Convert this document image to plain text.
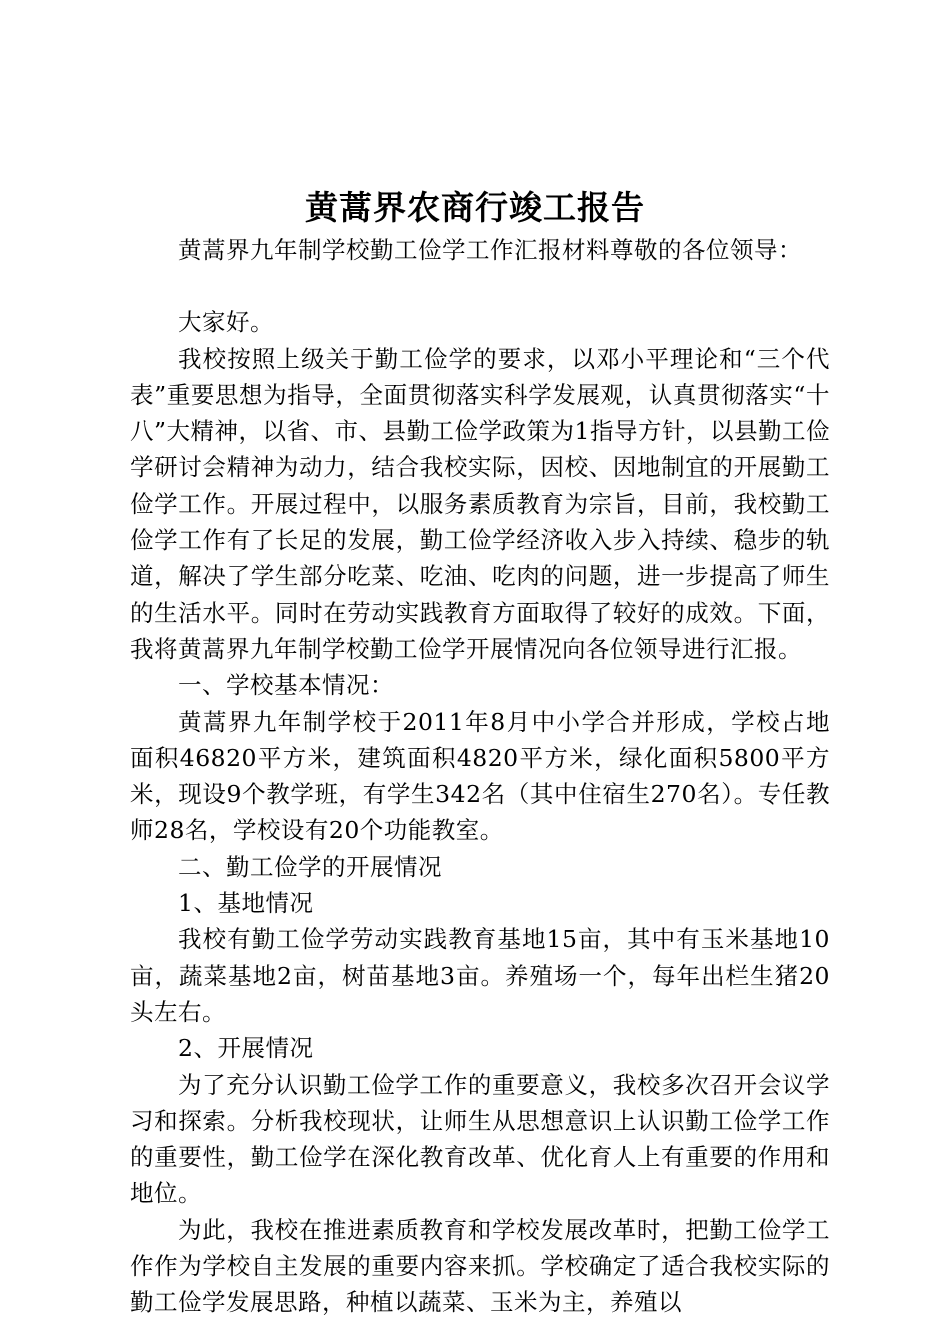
黄蒿界农商行竣工报告

黄蒿界九年制学校勤工俭学工作汇报材料尊敬的各位领导：

大家好。

我校按照上级关于勤工俭学的要求，以邓小平理论和“三个代表”重要思想为指导，全面贯彻落实科学发展观，认真贯彻落实“十八”大精神，以省、市、县勤工俭学政策为1指导方针，以县勤工俭学研讨会精神为动力，结合我校实际，因校、因地制宜的开展勤工俭学工作。开展过程中，以服务素质教育为宗旨，目前，我校勤工俭学工作有了长足的发展，勤工俭学经济收入步入持续、稳步的轨道，解决了学生部分吃菜、吃油、吃肉的问题，进一步提高了师生的生活水平。同时在劳动实践教育方面取得了较好的成效。下面，我将黄蒿界九年制学校勤工俭学开展情况向各位领导进行汇报。

一、学校基本情况：

黄蒿界九年制学校于2011年8月中小学合并形成，学校占地面积46820平方米，建筑面积4820平方米，绿化面积5800平方米，现设9个教学班，有学生342名（其中住宿生270名）。专任教师28名，学校设有20个功能教室。

二、勤工俭学的开展情况

1、基地情况

我校有勤工俭学劳动实践教育基地15亩，其中有玉米基地10亩，蔬菜基地2亩，树苗基地3亩。养殖场一个，每年出栏生猪20头左右。

2、开展情况

为了充分认识勤工俭学工作的重要意义，我校多次召开会议学习和探索。分析我校现状，让师生从思想意识上认识勤工俭学工作的重要性，勤工俭学在深化教育改革、优化育人上有重要的作用和地位。

为此，我校在推进素质教育和学校发展改革时，把勤工俭学工作作为学校自主发展的重要内容来抓。学校确定了适合我校实际的勤工俭学发展思路，种植以蔬菜、玉米为主，养殖以
